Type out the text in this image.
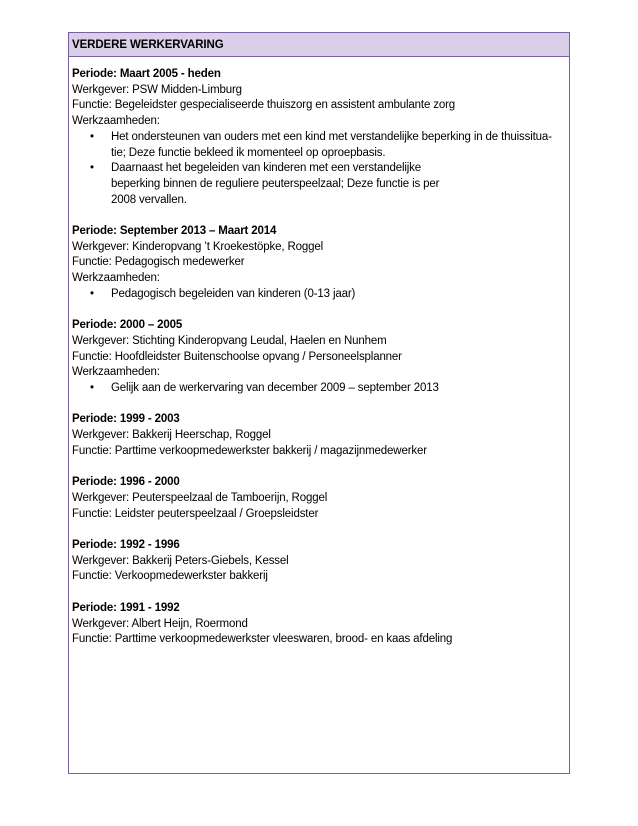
VERDERE WERKERVARING
Periode: Maart 2005 - heden
Werkgever: PSW Midden-Limburg
Functie: Begeleidster gespecialiseerde thuiszorg en assistent ambulante zorg
Werkzaamheden:
• Het ondersteunen van ouders met een kind met verstandelijke beperking in de thuissitua-
tie; Deze functie bekleed ik momenteel op oproepbasis.
• Daarnaast het begeleiden van kinderen met een verstandelijke
beperking binnen de reguliere peuterspeelzaal; Deze functie is per
2008 vervallen.
Periode: September 2013 – Maart 2014
Werkgever: Kinderopvang ’t Kroekestöpke, Roggel
Functie: Pedagogisch medewerker
Werkzaamheden:
• Pedagogisch begeleiden van kinderen (0-13 jaar)
Periode: 2000 – 2005
Werkgever: Stichting Kinderopvang Leudal, Haelen en Nunhem
Functie: Hoofdleidster Buitenschoolse opvang / Personeelsplanner
Werkzaamheden:
• Gelijk aan de werkervaring van december 2009 – september 2013
Periode: 1999 - 2003
Werkgever: Bakkerij Heerschap, Roggel
Functie: Parttime verkoopmedewerkster bakkerij / magazijnmedewerker
Periode: 1996 - 2000
Werkgever: Peuterspeelzaal de Tamboerijn, Roggel
Functie: Leidster peuterspeelzaal / Groepsleidster
Periode: 1992 - 1996
Werkgever: Bakkerij Peters-Giebels, Kessel
Functie: Verkoopmedewerkster bakkerij
Periode: 1991 - 1992
Werkgever: Albert Heijn, Roermond
Functie: Parttime verkoopmedewerkster vleeswaren, brood- en kaas afdeling
